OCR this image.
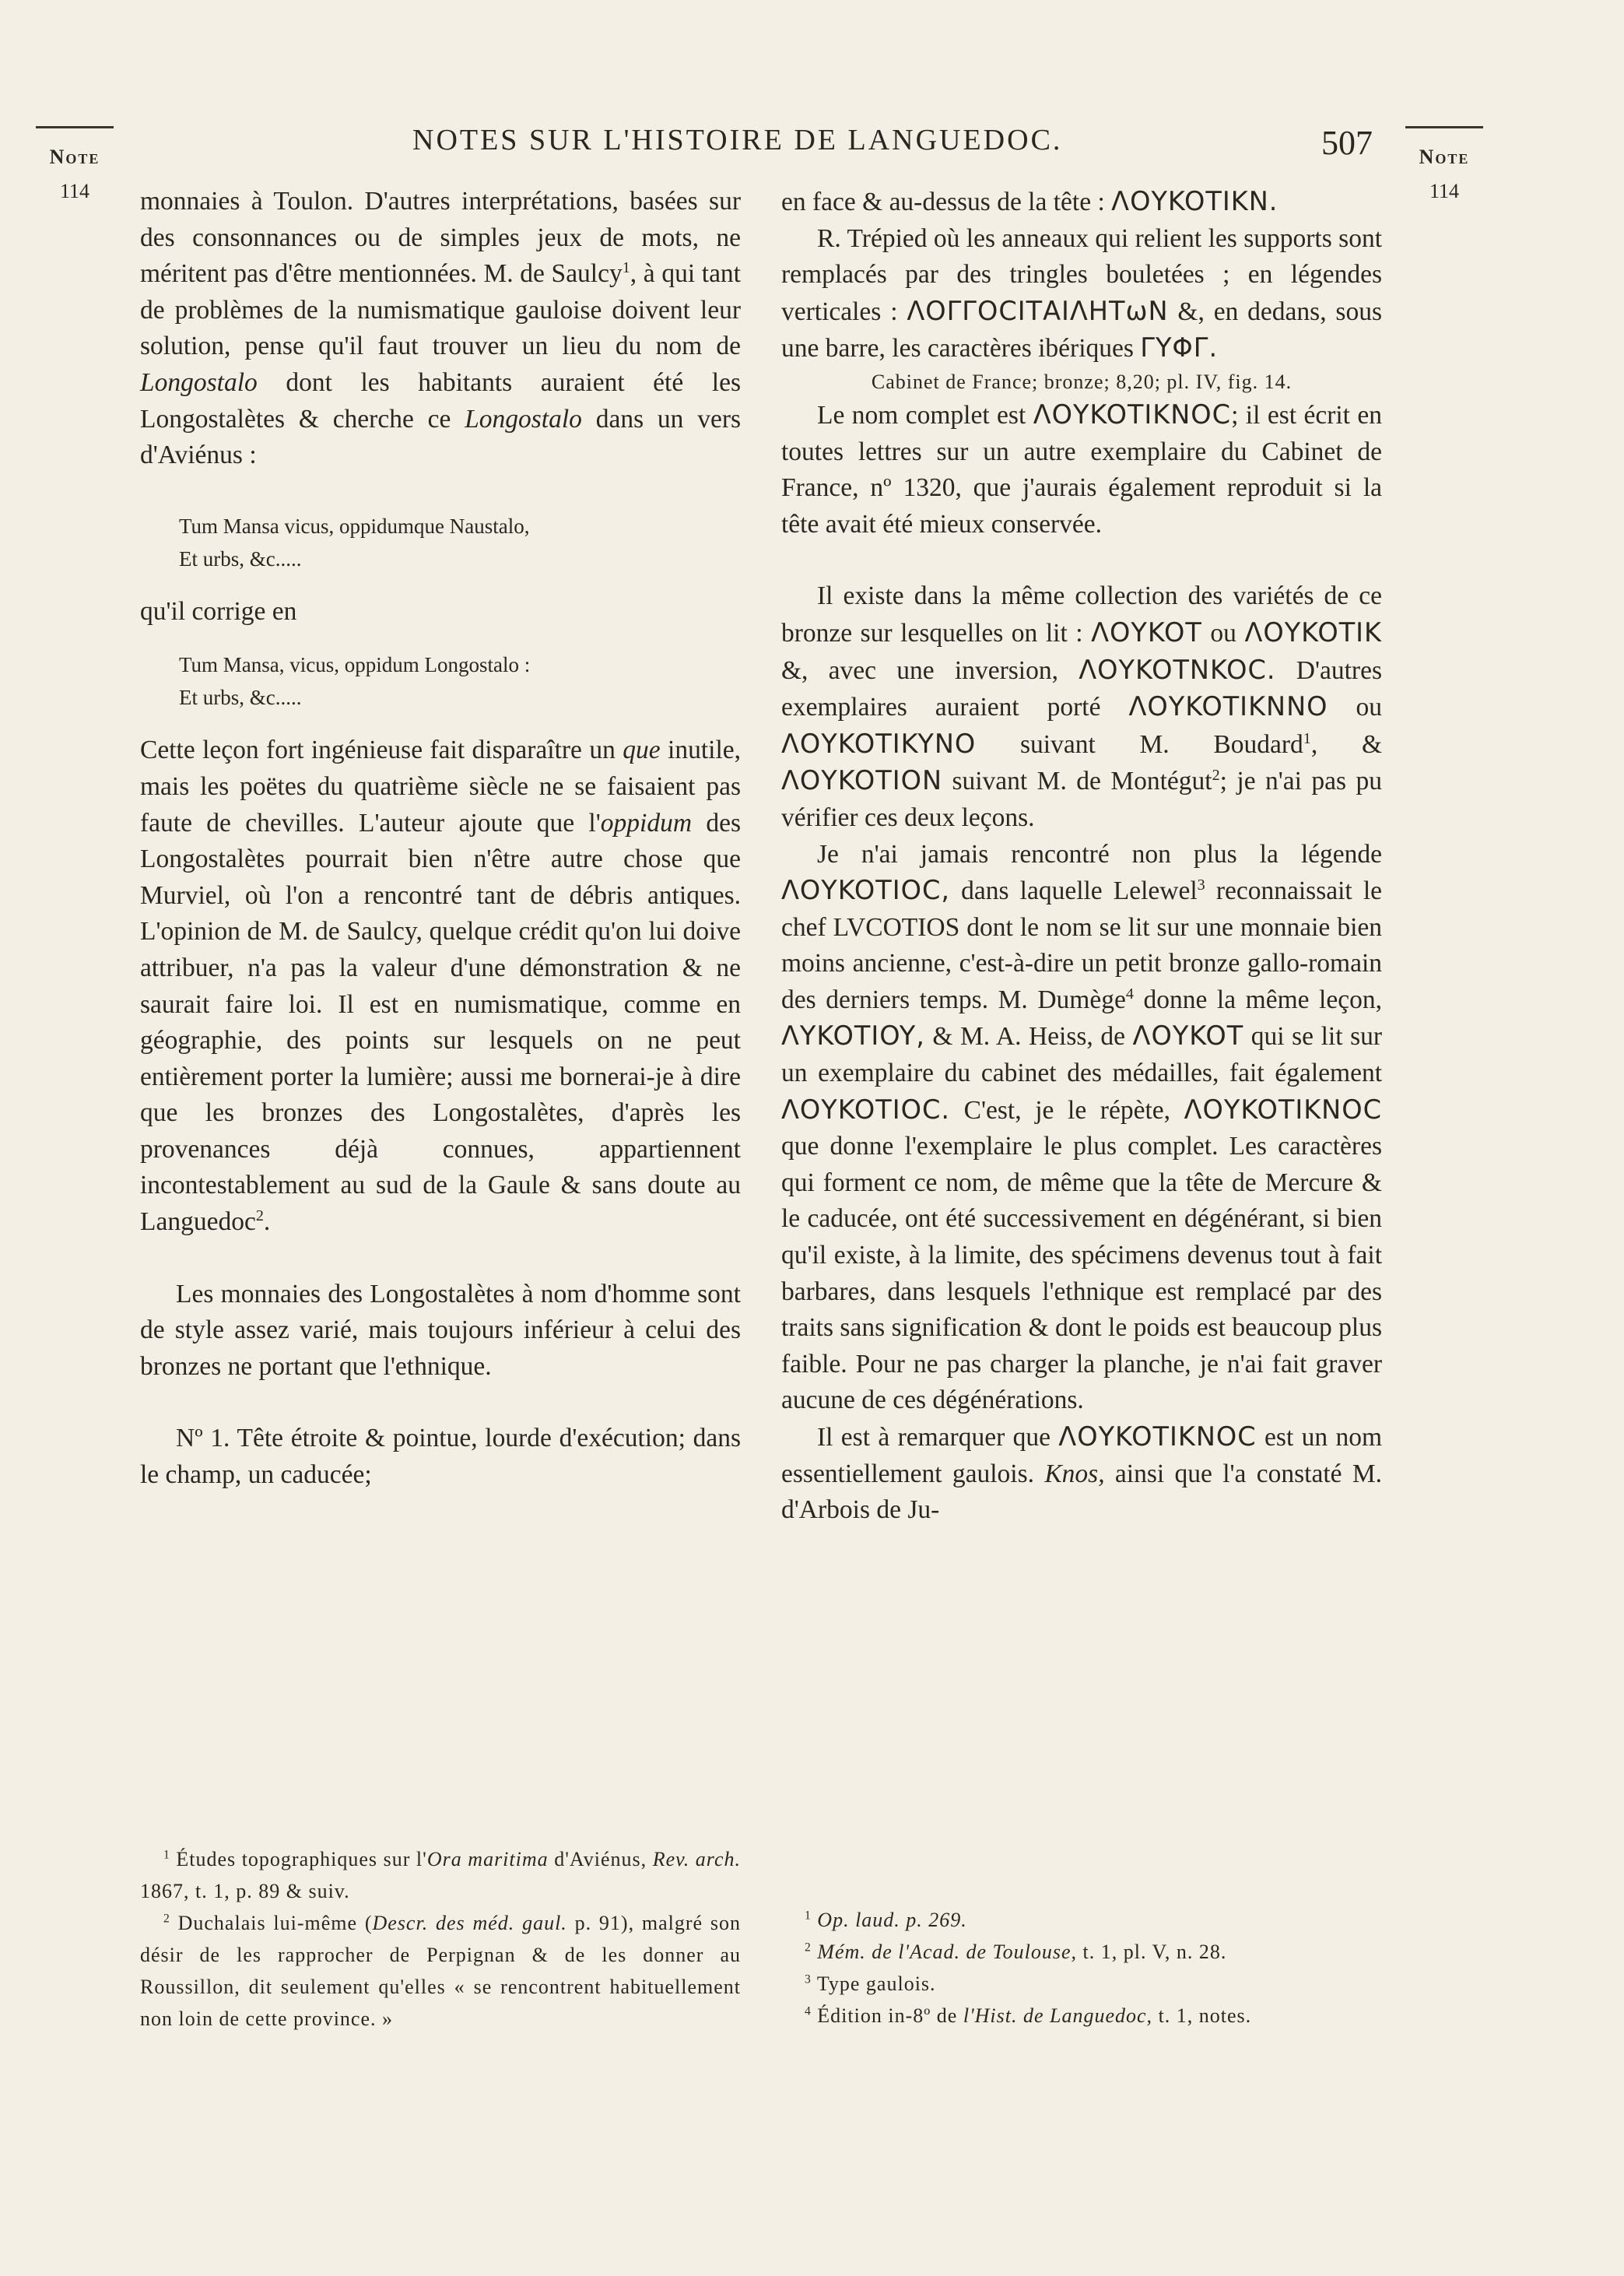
Note
114
Note
114
NOTES SUR L'HISTOIRE DE LANGUEDOC.	507

monnaies à Toulon. D'autres interprétations, basées sur des consonnances ou de simples jeux de mots, ne méritent pas d'être mentionnées. M. de Saulcy$^1$, à qui tant de problèmes de la numismatique gauloise doivent leur solution, pense qu'il faut trouver un lieu du nom de Longostalo dont les habitants auraient été les Longostalètes & cherche ce Longostalo dans un vers d'Aviénus :

Tum Mansa vicus, oppidumque Naustalo,
Et urbs, &c.....

qu'il corrige en

Tum Mansa, vicus, oppidum Longostalo :
Et urbs, &c.....

Cette leçon fort ingénieuse fait disparaître un que inutile, mais les poëtes du quatrième siècle ne se faisaient pas faute de chevilles. L'auteur ajoute que l'oppidum des Longostalètes pourrait bien n'être autre chose que Murviel, où l'on a rencontré tant de débris antiques. L'opinion de M. de Saulcy, quelque crédit qu'on lui doive attribuer, n'a pas la valeur d'une démonstration & ne saurait faire loi. Il est en numismatique, comme en géographie, des points sur lesquels on ne peut entièrement porter la lumière; aussi me bornerai-je à dire que les bronzes des Longostalètes, d'après les provenances déjà connues, appartiennent incontestablement au sud de la Gaule & sans doute au Languedoc$^2$.

Les monnaies des Longostalètes à nom d'homme sont de style assez varié, mais toujours inférieur à celui des bronzes ne portant que l'ethnique.

Nº 1. Tête étroite & pointue, lourde d'exécution; dans le champ, un caducée;

$^1$ Études topographiques sur l'Ora maritima d'Aviénus, Rev. arch. 1867, t. 1, p. 89 & suiv.

$^2$ Duchalais lui-même (Descr. des méd. gaul. p. 91), malgré son désir de les rapprocher de Perpignan & de les donner au Roussillon, dit seulement qu'elles « se rencontrent habituellement non loin de cette province. »

en face & au-dessus de la tête : ΛΟΥKOTIKN.

R. Trépied où les anneaux qui relient les supports sont remplacés par des tringles bouletées ; en légendes verticales : ΛΟΓΓΟCΙΤΑΙΛΗΤωΝ &, en dedans, sous une barre, les caractères ibériques ΓΥΦΓ.

Cabinet de France; bronze; 8,20; pl. IV, fig. 14.

Le nom complet est ΛΟΥKOTIKNOC; il est écrit en toutes lettres sur un autre exemplaire du Cabinet de France, nº 1320, que j'aurais également reproduit si la tête avait été mieux conservée.

Il existe dans la même collection des variétés de ce bronze sur lesquelles on lit : ΛΟΥKOT ou ΛΟΥKOTIK &, avec une inversion, ΛΟΥKOTNKOC. D'autres exemplaires auraient porté ΛΟΥKOTIKNNO ou ΛΟΥKOTIKYNO suivant M. Boudard$^1$, & ΛΟΥKOTION suivant M. de Montégut$^2$; je n'ai pas pu vérifier ces deux leçons.

Je n'ai jamais rencontré non plus la légende ΛΟΥKOTIOC, dans laquelle Lelewel$^3$ reconnaissait le chef LVCOTIOS dont le nom se lit sur une monnaie bien moins ancienne, c'est-à-dire un petit bronze gallo-romain des derniers temps. M. Dumège$^4$ donne la même leçon, ΛΥKOTIOY, & M. A. Heiss, de ΛΟΥKOT qui se lit sur un exemplaire du cabinet des médailles, fait également ΛΟΥKOTIOC. C'est, je le répète, ΛΟΥKOTIKNOC que donne l'exemplaire le plus complet. Les caractères qui forment ce nom, de même que la tête de Mercure & le caducée, ont été successivement en dégénérant, si bien qu'il existe, à la limite, des spécimens devenus tout à fait barbares, dans lesquels l'ethnique est remplacé par des traits sans signification & dont le poids est beaucoup plus faible. Pour ne pas charger la planche, je n'ai fait graver aucune de ces dégénérations.

Il est à remarquer que ΛΟΥKOTIKNOC est un nom essentiellement gaulois. Knos, ainsi que l'a constaté M. d'Arbois de Ju-

$^1$ Op. laud. p. 269.

$^2$ Mém. de l'Acad. de Toulouse, t. 1, pl. V, n. 28.

$^3$ Type gaulois.

$^4$ Édition in-8º de l'Hist. de Languedoc, t. 1, notes.
